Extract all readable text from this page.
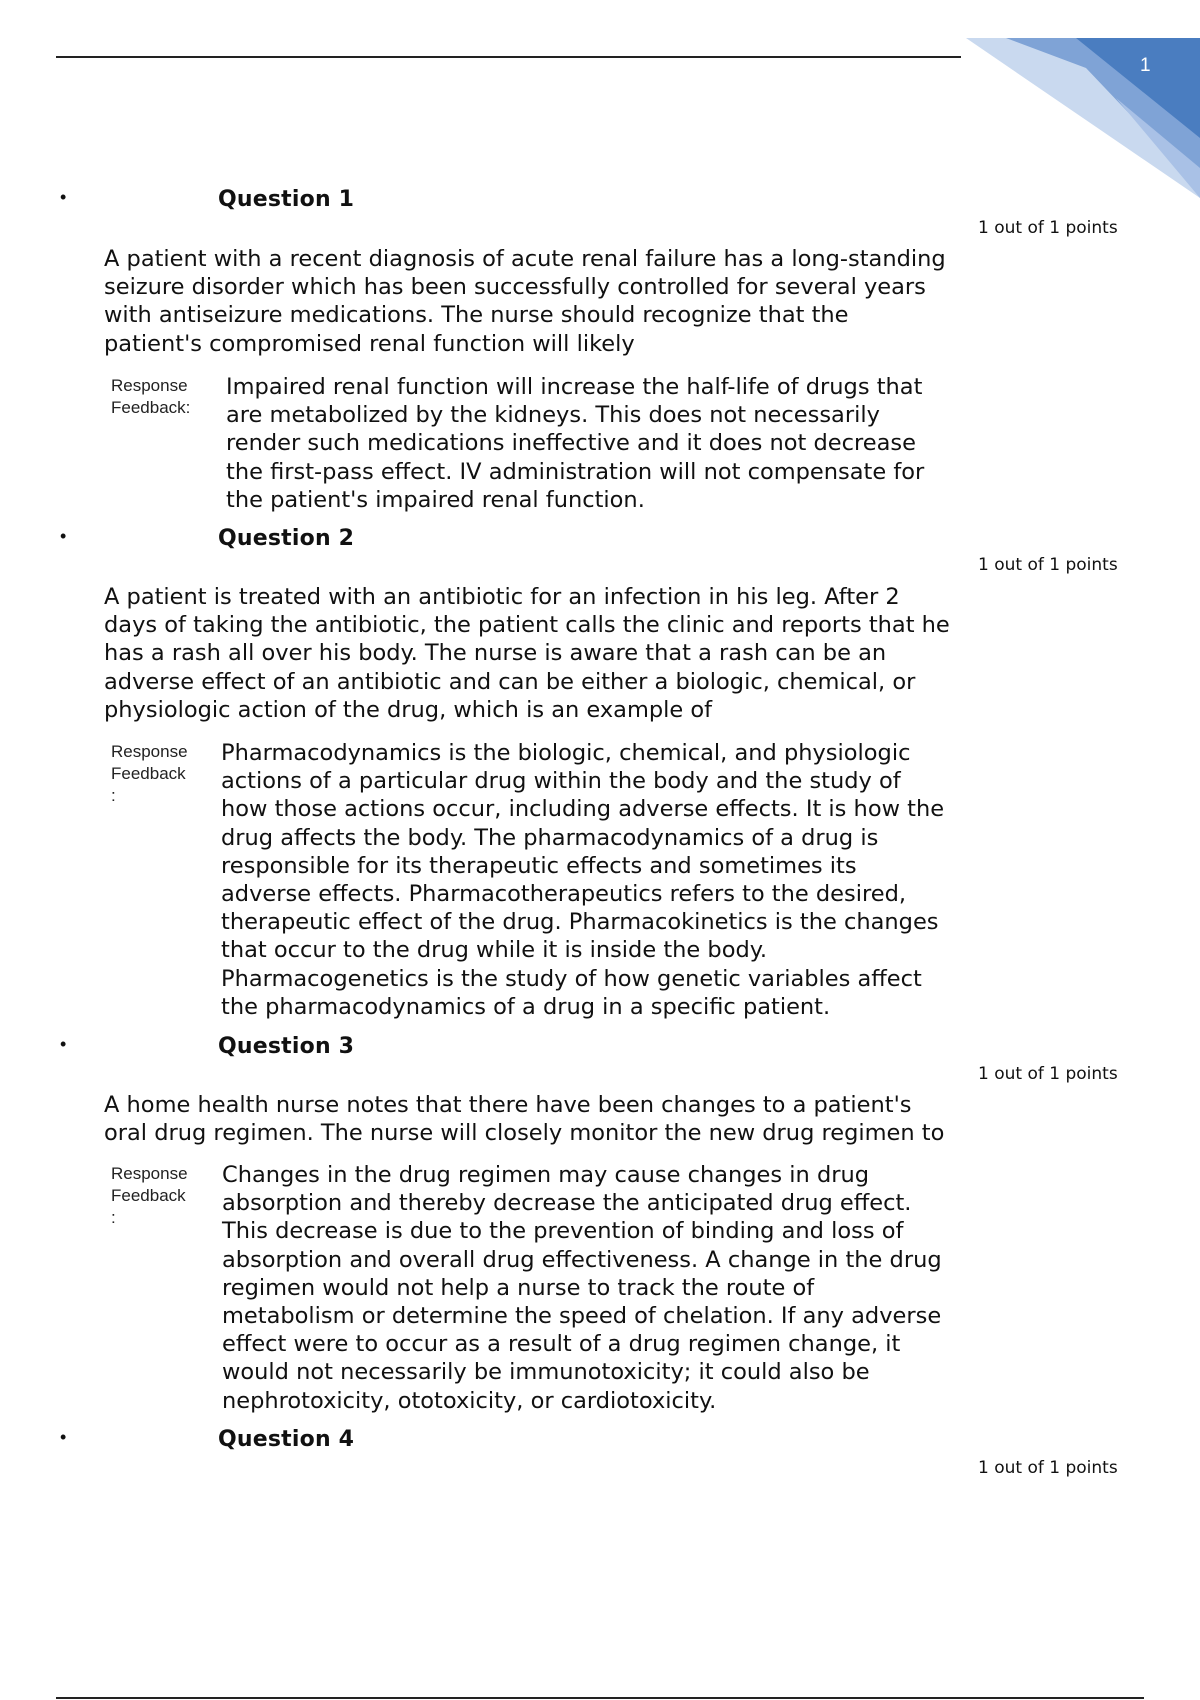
1
•	Question 1
1 out of 1 points
A patient with a recent diagnosis of acute renal failure has a long-standing
seizure disorder which has been successfully controlled for several years
with antiseizure medications. The nurse should recognize that the
patient's compromised renal function will likely
Response
Feedback:
Impaired renal function will increase the half-life of drugs that
are metabolized by the kidneys. This does not necessarily
render such medications ineffective and it does not decrease
the first-pass effect. IV administration will not compensate for
the patient's impaired renal function.
•	Question 2
1 out of 1 points
A patient is treated with an antibiotic for an infection in his leg. After 2
days of taking the antibiotic, the patient calls the clinic and reports that he
has a rash all over his body. The nurse is aware that a rash can be an
adverse effect of an antibiotic and can be either a biologic, chemical, or
physiologic action of the drug, which is an example of
Response
Feedback
:
Pharmacodynamics is the biologic, chemical, and physiologic
actions of a particular drug within the body and the study of
how those actions occur, including adverse effects. It is how the
drug affects the body. The pharmacodynamics of a drug is
responsible for its therapeutic effects and sometimes its
adverse effects. Pharmacotherapeutics refers to the desired,
therapeutic effect of the drug. Pharmacokinetics is the changes
that occur to the drug while it is inside the body.
Pharmacogenetics is the study of how genetic variables affect
the pharmacodynamics of a drug in a specific patient.
•	Question 3
1 out of 1 points
A home health nurse notes that there have been changes to a patient's
oral drug regimen. The nurse will closely monitor the new drug regimen to
Response
Feedback
:
Changes in the drug regimen may cause changes in drug
absorption and thereby decrease the anticipated drug effect.
This decrease is due to the prevention of binding and loss of
absorption and overall drug effectiveness. A change in the drug
regimen would not help a nurse to track the route of
metabolism or determine the speed of chelation. If any adverse
effect were to occur as a result of a drug regimen change, it
would not necessarily be immunotoxicity; it could also be
nephrotoxicity, ototoxicity, or cardiotoxicity.
•	Question 4
1 out of 1 points
